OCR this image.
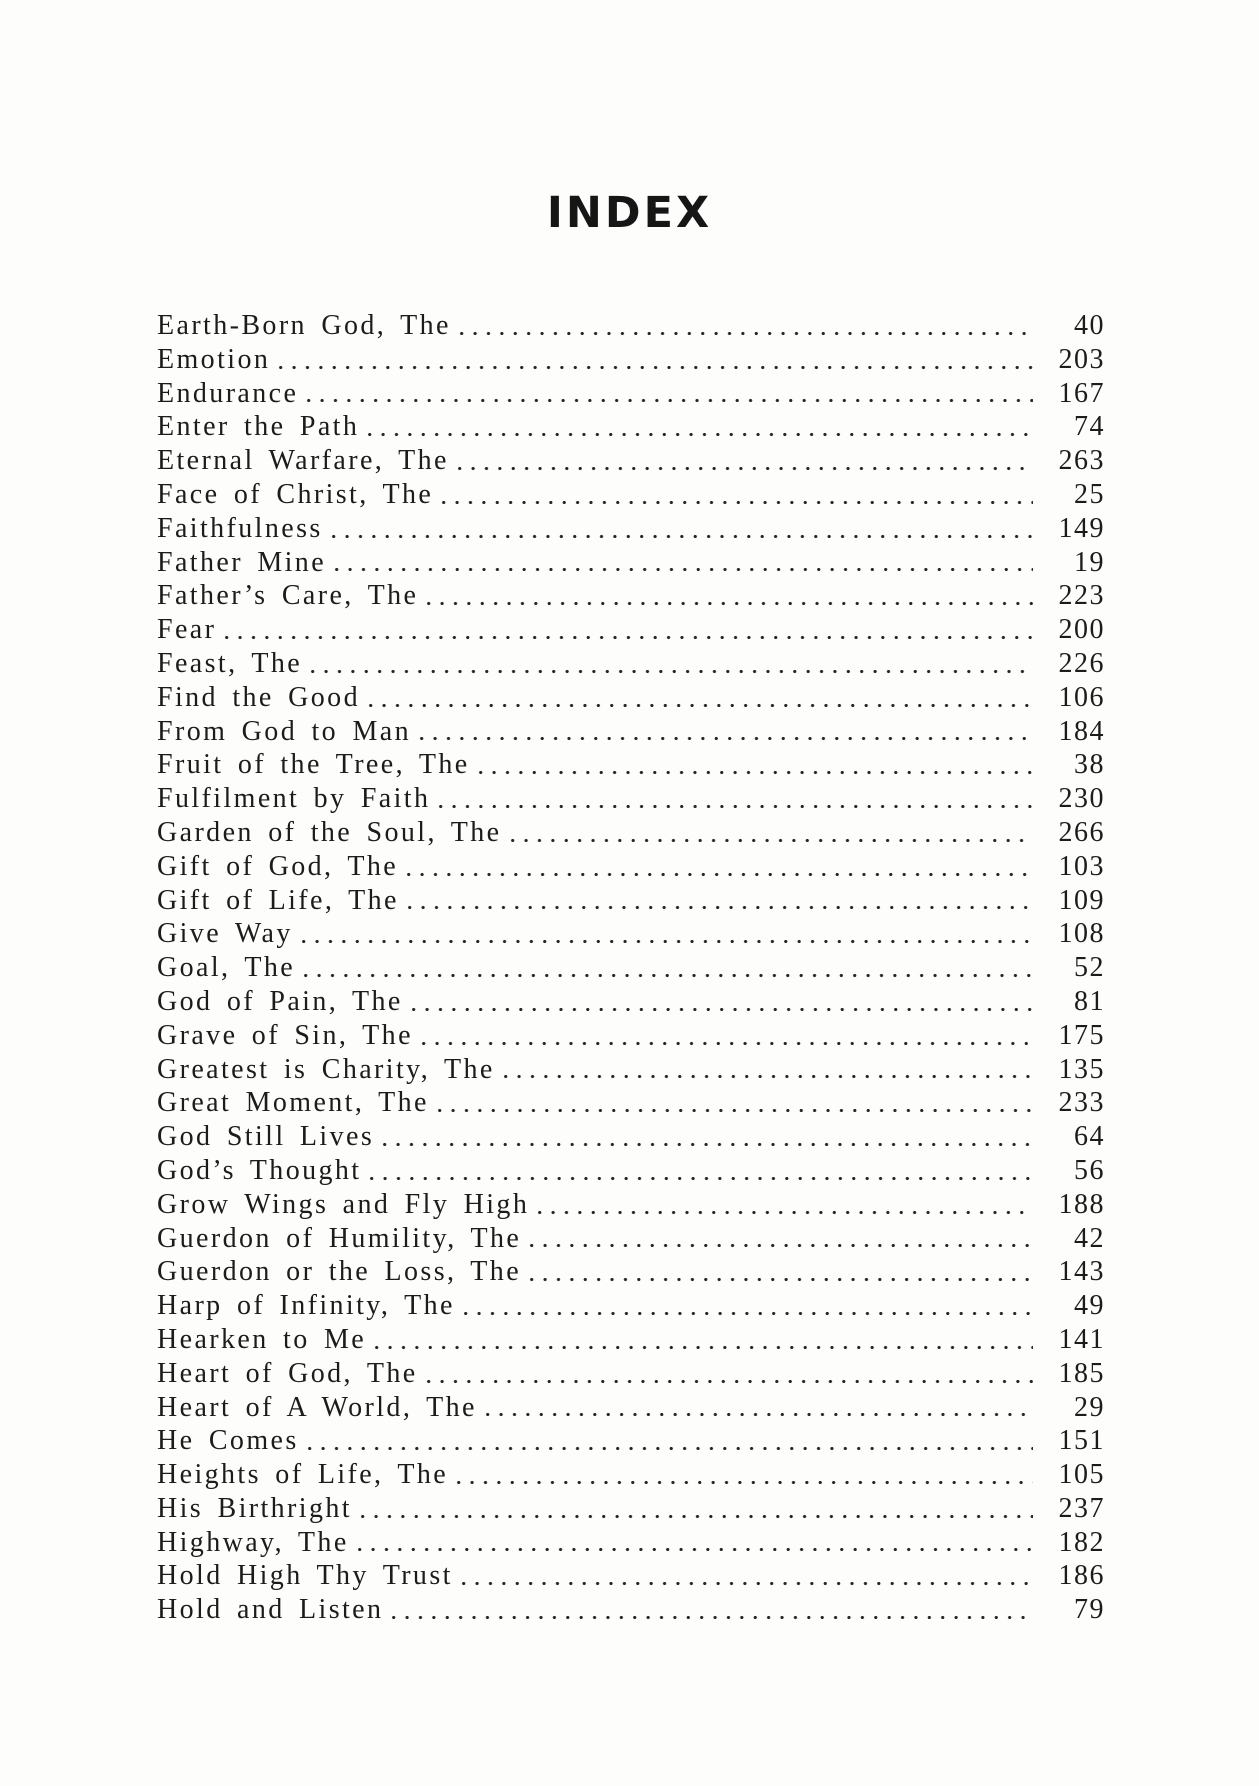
INDEX
Earth-Born God, The	40
Emotion	203
Endurance	167
Enter the Path	74
Eternal Warfare, The	263
Face of Christ, The	25
Faithfulness	149
Father Mine	19
Father’s Care, The	223
Fear	200
Feast, The	226
Find the Good	106
From God to Man	184
Fruit of the Tree, The	38
Fulfilment by Faith	230
Garden of the Soul, The	266
Gift of God, The	103
Gift of Life, The	109
Give Way	108
Goal, The	52
God of Pain, The	81
Grave of Sin, The	175
Greatest is Charity, The	135
Great Moment, The	233
God Still Lives	64
God’s Thought	56
Grow Wings and Fly High	188
Guerdon of Humility, The	42
Guerdon or the Loss, The	143
Harp of Infinity, The	49
Hearken to Me	141
Heart of God, The	185
Heart of A World, The	29
He Comes	151
Heights of Life, The	105
His Birthright	237
Highway, The	182
Hold High Thy Trust	186
Hold and Listen	79
